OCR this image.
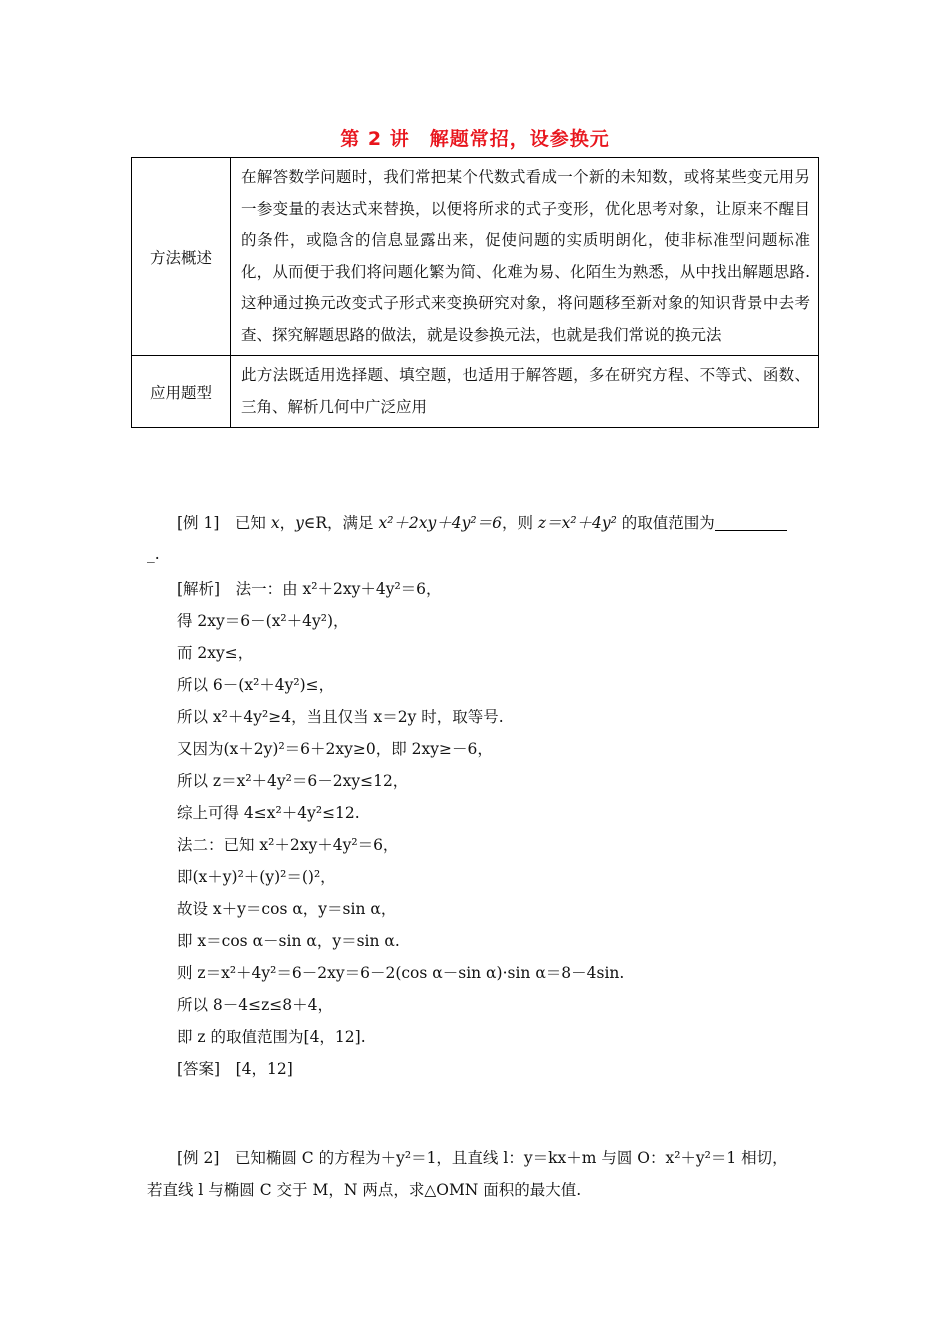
第 2 讲　解题常招，设参换元
方法概述	在解答数学问题时，我们常把某个代数式看成一个新的未知数，或将某些变元用另一参变量的表达式来替换，以便将所求的式子变形，优化思考对象，让原来不醒目的条件，或隐含的信息显露出来，促使问题的实质明朗化，使非标准型问题标准化，从而便于我们将问题化繁为简、化难为易、化陌生为熟悉，从中找出解题思路.这种通过换元改变式子形式来变换研究对象，将问题移至新对象的知识背景中去考查、探究解题思路的做法，就是设参换元法，也就是我们常说的换元法
应用题型	此方法既适用选择题、填空题，也适用于解答题，多在研究方程、不等式、函数、三角、解析几何中广泛应用
[例 1]　 已知 x，y∈R，满足 x²＋2xy＋4y²＝6，则 z＝x²＋4y² 的取值范围为
_.
[解析]　法一：由 x²＋2xy＋4y²＝6，
得 2xy＝6－(x²＋4y²)，
而 2xy≤，
所以 6－(x²＋4y²)≤，
所以 x²＋4y²≥4，当且仅当 x＝2y 时，取等号.
又因为(x＋2y)²＝6＋2xy≥0，即 2xy≥－6，
所以 z＝x²＋4y²＝6－2xy≤12，
综上可得 4≤x²＋4y²≤12.
法二：已知 x²＋2xy＋4y²＝6，
即(x＋y)²＋(y)²＝()²，
故设 x＋y＝cos α，y＝sin α，
即 x＝cos α－sin α，y＝sin α.
则 z＝x²＋4y²＝6－2xy＝6－2(cos α－sin α)·sin α＝8－4sin.
所以 8－4≤z≤8＋4，
即 z 的取值范围为[4，12].
[答案]　[4，12]
[例 2]　已知椭圆 C 的方程为＋y²＝1，且直线 l：y＝kx＋m 与圆 O：x²＋y²＝1 相切，
若直线 l 与椭圆 C 交于 M，N 两点，求△OMN 面积的最大值.
